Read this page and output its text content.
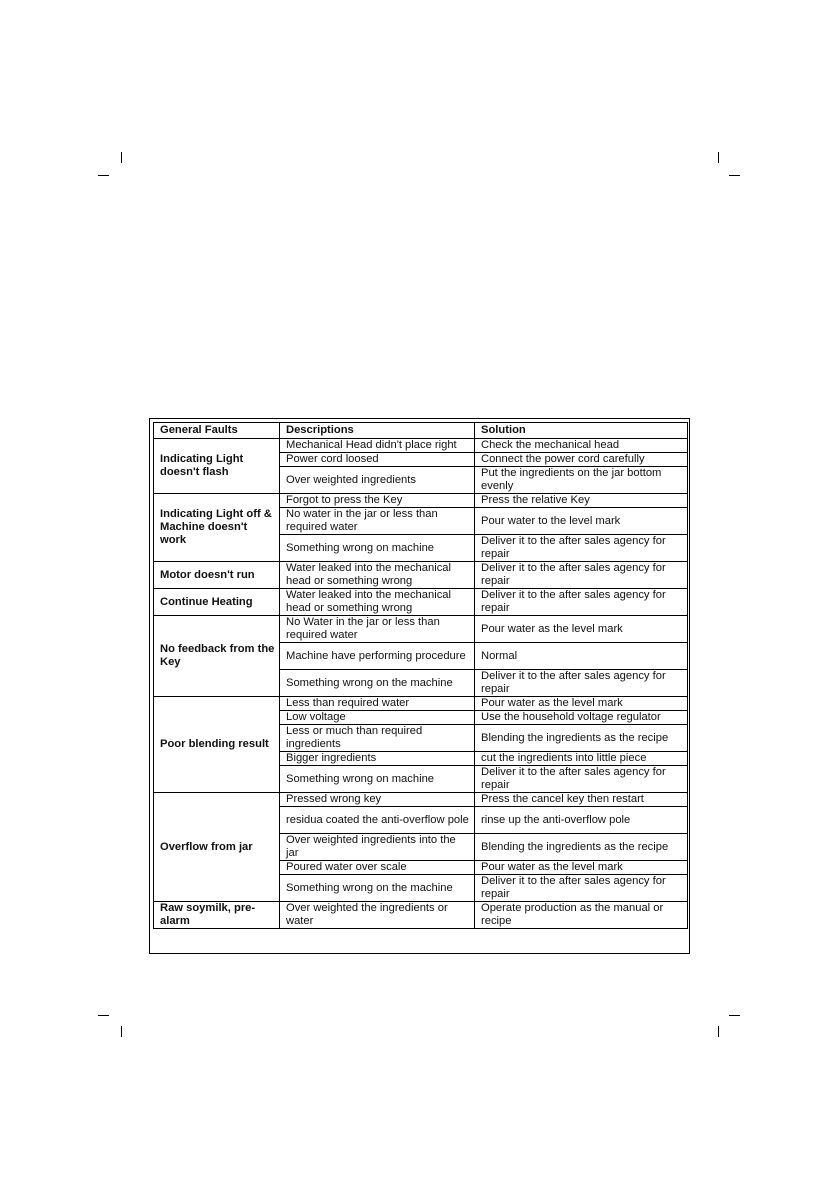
General Faults	Descriptions	Solution
Indicating Light doesn't flash	Mechanical Head didn't place right	Check the mechanical head
	Power cord loosed	Connect the power cord carefully
	Over weighted ingredients	Put the ingredients on the jar bottom evenly
Indicating Light off & Machine doesn't work	Forgot to press the Key	Press the relative Key
	No water in the jar or less than required water	Pour water to the level mark
	Something wrong on machine	Deliver it to the after sales agency for repair
Motor doesn't run	Water leaked into the mechanical head or something wrong	Deliver it to the after sales agency for repair
Continue Heating	Water leaked into the mechanical head or something wrong	Deliver it to the after sales agency for repair
No feedback from the Key	No Water in the jar or less than required water	Pour water as the level mark
	Machine have performing procedure	Normal
	Something wrong on the machine	Deliver it to the after sales agency for repair
Poor blending result	Less than required water	Pour water as the level mark
	Low voltage	Use the household voltage regulator
	Less or much than required ingredients	Blending the ingredients as the recipe
	Bigger ingredients	cut the ingredients into little piece
	Something wrong on machine	Deliver it to the after sales agency for repair
Overflow from jar	Pressed wrong key	Press the cancel key then restart
	residua coated the anti-overflow pole	rinse up the anti-overflow pole
	Over weighted ingredients into the jar	Blending the ingredients as the recipe
	Poured water over scale	Pour water as the level mark
	Something wrong on the machine	Deliver it to the after sales agency for repair
Raw soymilk, pre-alarm	Over weighted the ingredients or water	Operate production as the manual or recipe
